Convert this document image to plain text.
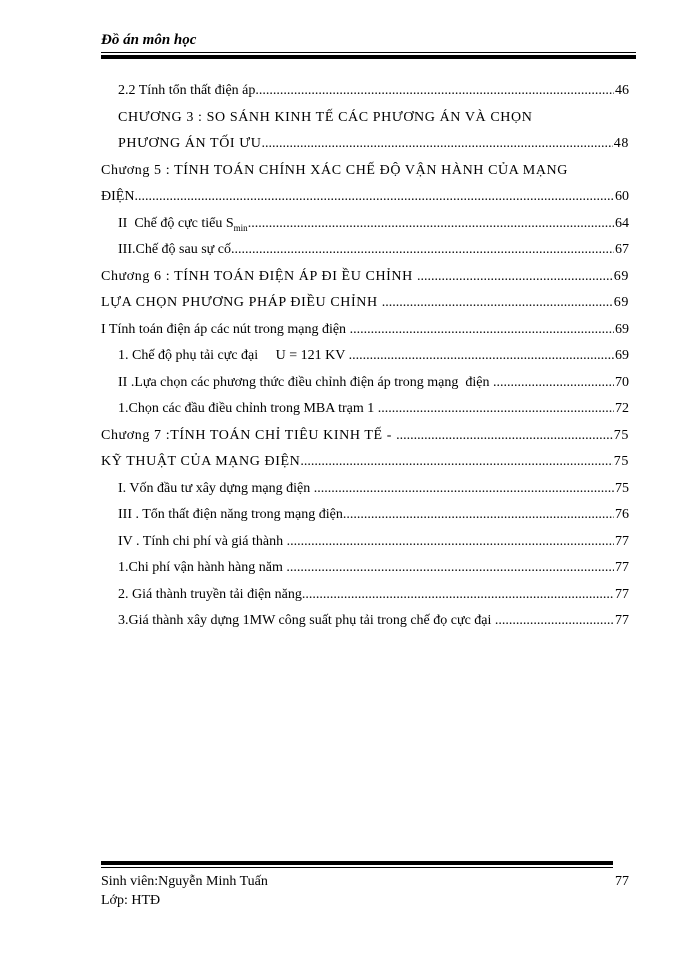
Đồ án môn học
2.2 Tính tổn thất điện áp .....	46
CHƯƠNG 3 : SO SÁNH KINH TẾ CÁC PHƯƠNG ÁN VÀ CHỌN
PHƯƠNG ÁN TỐI ƯU .....	48
Chương 5 : TÍNH TOÁN CHÍNH XÁC CHẾ ĐỘ VẬN HÀNH CỦA MẠNG
ĐIỆN .....	60
II  Chế độ cực tiểu $S_{min}$ .....	64
III.Chế độ sau sự cố .....	67
Chương 6 : TÍNH TOÁN ĐIỆN ÁP ĐI ỀU CHỈNH .....	69
LỰA CHỌN PHƯƠNG PHÁP ĐIỀU CHỈNH .....	69
I Tính toán điện áp các nút trong mạng điện .....	69
1. Chế độ phụ tải cực đại     U = 121 KV .....	69
II .Lựa chọn các phương thức điều chỉnh điện áp trong mạng  điện .....	70
1.Chọn các đầu điều chỉnh trong MBA trạm 1 .....	72
Chương 7 :TÍNH TOÁN CHỈ TIÊU KINH TẾ - .....	75
KỸ THUẬT CỦA MẠNG ĐIỆN .....	75
I. Vốn đầu tư xây dựng mạng điện .....	75
III . Tổn thất điện năng trong mạng điện .....	76
IV . Tính chi phí và giá thành .....	77
1.Chi phí vận hành hàng năm .....	77
2. Giá thành truyền tải điện năng .....	77
3.Giá thành xây dựng 1MW công suất phụ tải trong chế đọ cực đại .....	77
Sinh viên:Nguyễn Minh Tuấn	77
Lớp: HTĐ
